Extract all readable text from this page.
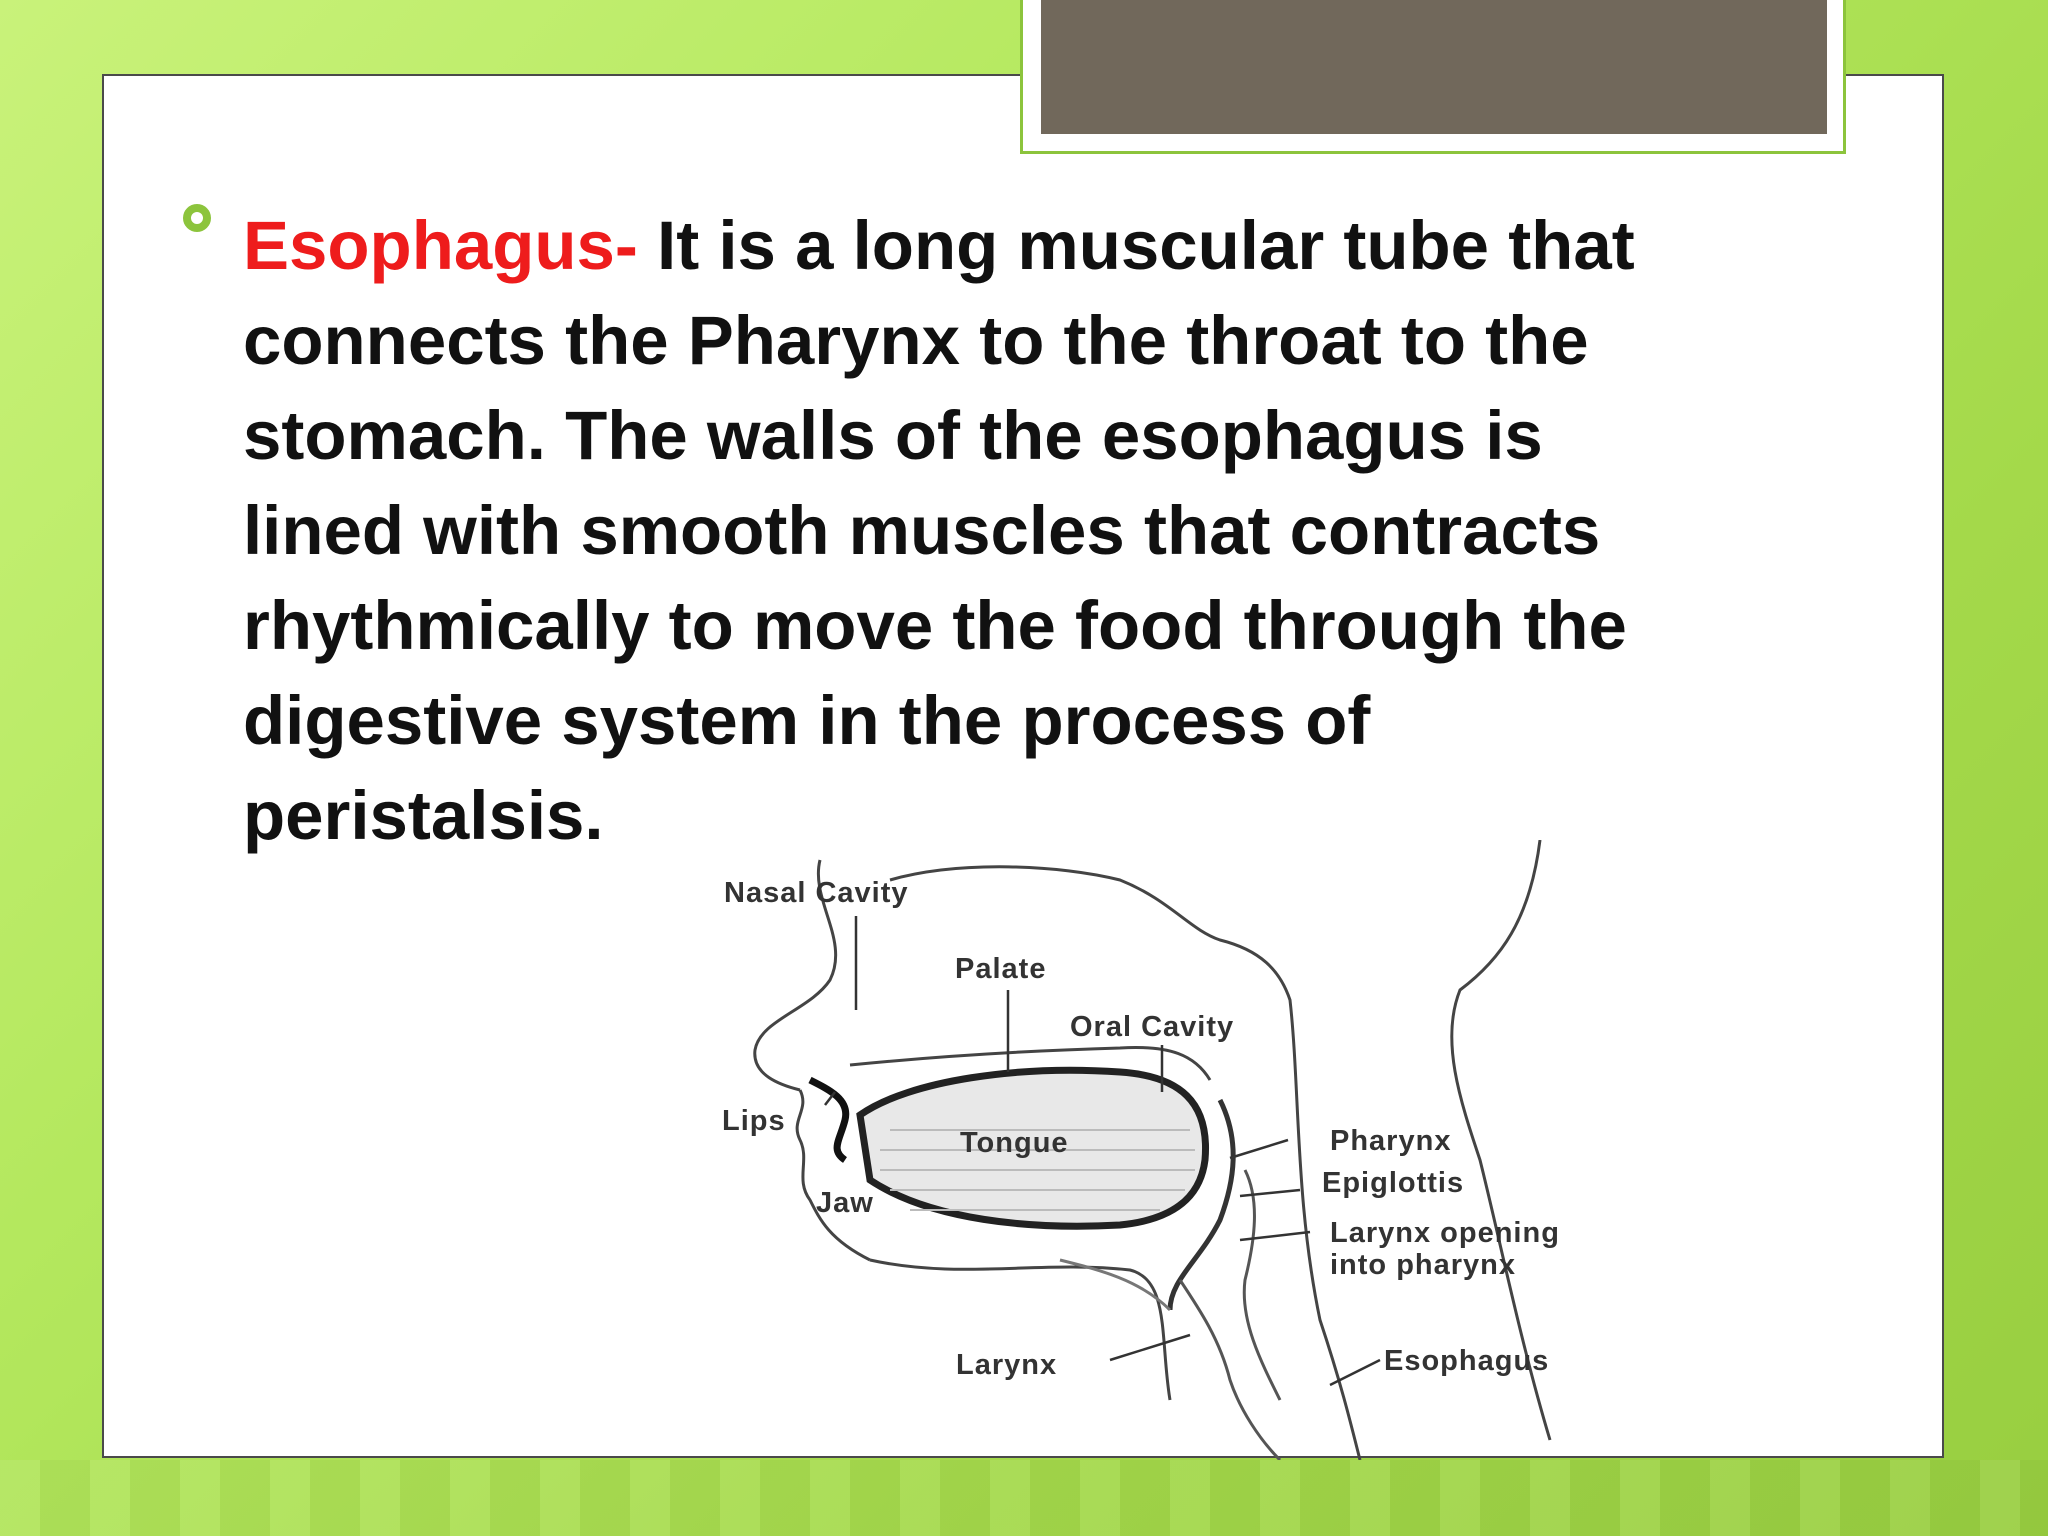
Esophagus- It is a long muscular tube that
connects the Pharynx to the throat to the
stomach. The walls of the esophagus is
lined with smooth muscles that contracts
rhythmically to move the food through the
digestive system in the process of
peristalsis.
Nasal Cavity
Palate
Oral Cavity
Lips
Tongue
Jaw
Pharynx
Epiglottis
Larynx opening
into pharynx
Larynx	Esophagus
